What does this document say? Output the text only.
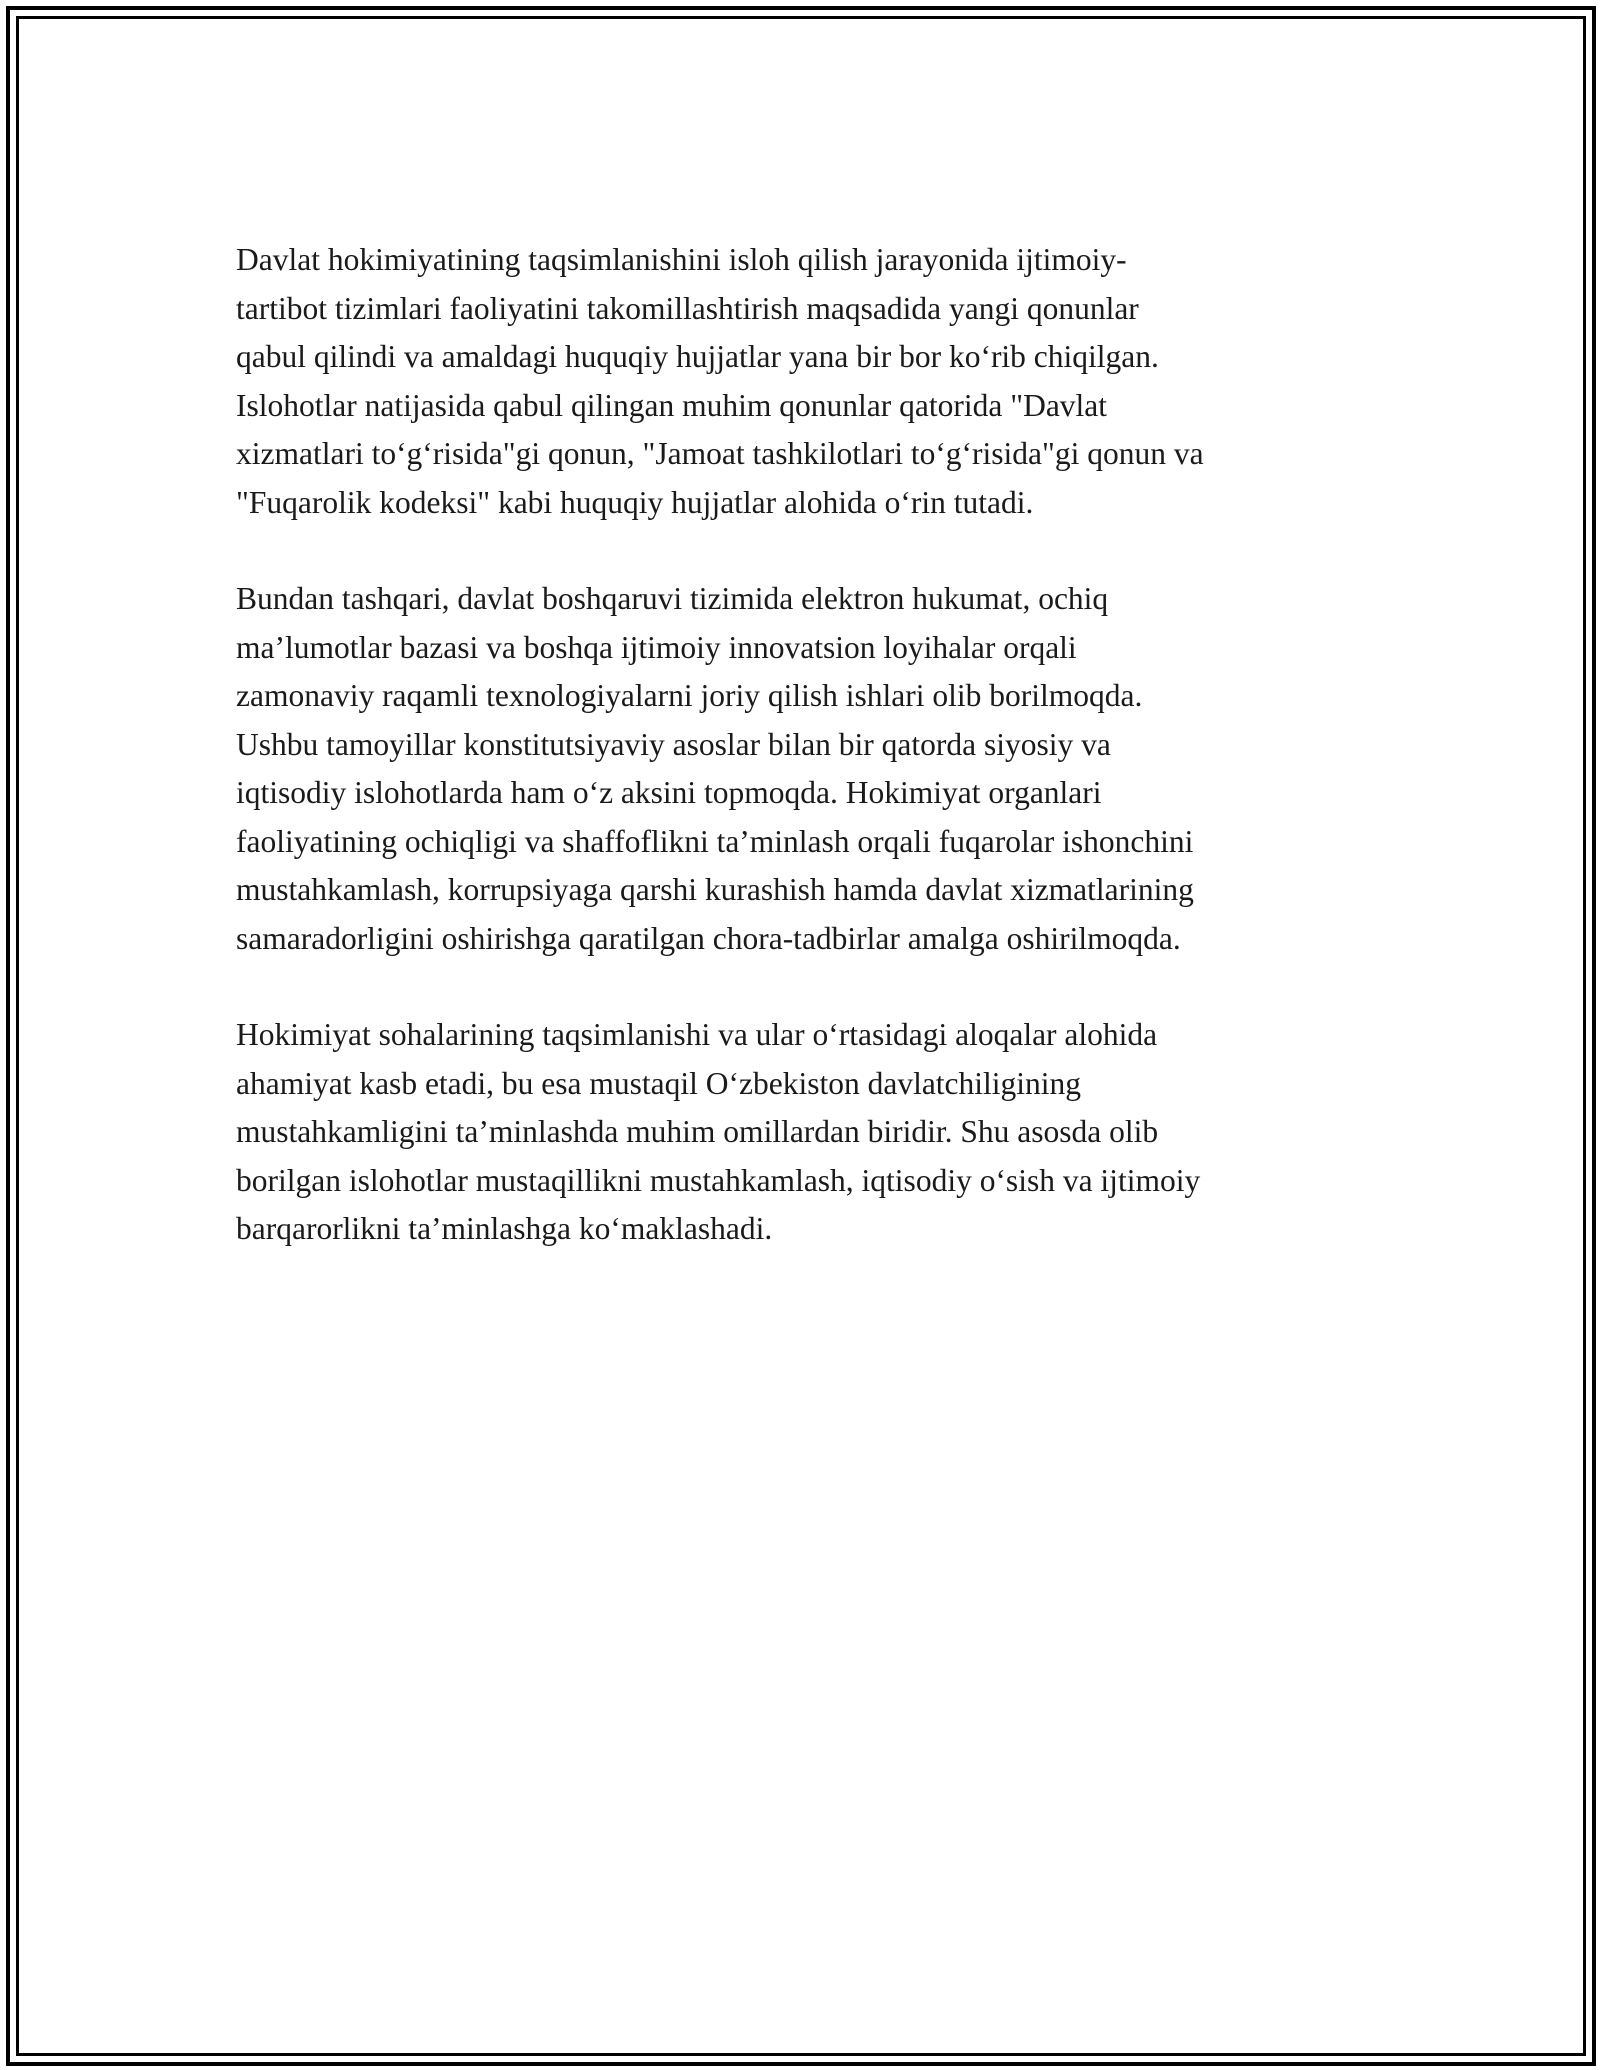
Davlat hokimiyatining taqsimlanishini isloh qilish jarayonida ijtimoiy-
tartibot tizimlari faoliyatini takomillashtirish maqsadida yangi qonunlar
qabul qilindi va amaldagi huquqiy hujjatlar yana bir bor ko‘rib chiqilgan.
Islohotlar natijasida qabul qilingan muhim qonunlar qatorida "Davlat
xizmatlari to‘g‘risida"gi qonun, "Jamoat tashkilotlari to‘g‘risida"gi qonun va
"Fuqarolik kodeksi" kabi huquqiy hujjatlar alohida o‘rin tutadi.

Bundan tashqari, davlat boshqaruvi tizimida elektron hukumat, ochiq
ma’lumotlar bazasi va boshqa ijtimoiy innovatsion loyihalar orqali
zamonaviy raqamli texnologiyalarni joriy qilish ishlari olib borilmoqda.
Ushbu tamoyillar konstitutsiyaviy asoslar bilan bir qatorda siyosiy va
iqtisodiy islohotlarda ham o‘z aksini topmoqda. Hokimiyat organlari
faoliyatining ochiqligi va shaffoflikni ta’minlash orqali fuqarolar ishonchini
mustahkamlash, korrupsiyaga qarshi kurashish hamda davlat xizmatlarining
samaradorligini oshirishga qaratilgan chora-tadbirlar amalga oshirilmoqda.

Hokimiyat sohalarining taqsimlanishi va ular o‘rtasidagi aloqalar alohida
ahamiyat kasb etadi, bu esa mustaqil O‘zbekiston davlatchiligining
mustahkamligini ta’minlashda muhim omillardan biridir. Shu asosda olib
borilgan islohotlar mustaqillikni mustahkamlash, iqtisodiy o‘sish va ijtimoiy
barqarorlikni ta’minlashga ko‘maklashadi.
